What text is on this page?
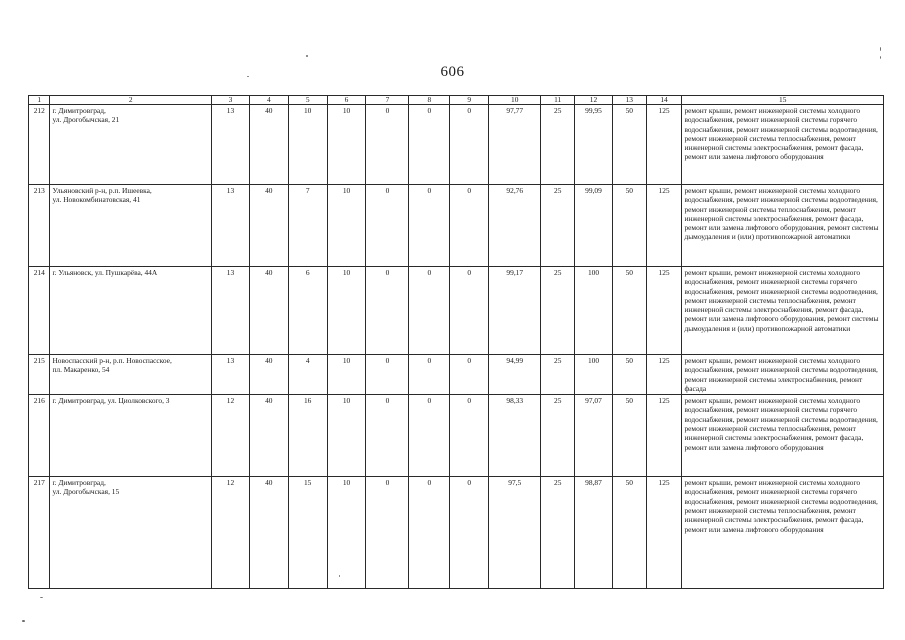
606
1	2	3	4	5	6	7	8	9	10	11	12	13	14	15
212	г. Димитровград,
ул. Дрогобычская, 21	13	40	10	10	0	0	0	97,77	25	99,95	50	125	ремонт крыши, ремонт инженерной системы холодного водоснабжения, ремонт инженерной системы горячего водоснабжения, ремонт инженерной системы водоотведения, ремонт инженерной системы теплоснабжения, ремонт инженерной системы электроснабжения, ремонт фасада, ремонт или замена лифтового оборудования
213	Ульяновский р-н, р.п. Ишеевка,
ул. Новокомбинатовская, 41	13	40	7	10	0	0	0	92,76	25	99,09	50	125	ремонт крыши, ремонт инженерной системы холодного водоснабжения, ремонт инженерной системы водоотведения, ремонт инженерной системы теплоснабжения, ремонт инженерной системы электроснабжения, ремонт фасада, ремонт или замена лифтового оборудования, ремонт системы дымоудаления и (или) противопожарной автоматики
214	г. Ульяновск, ул. Пушкарёва, 44А	13	40	6	10	0	0	0	99,17	25	100	50	125	ремонт крыши, ремонт инженерной системы холодного водоснабжения, ремонт инженерной системы горячего водоснабжения, ремонт инженерной системы водоотведения, ремонт инженерной системы теплоснабжения, ремонт инженерной системы электроснабжения, ремонт фасада, ремонт или замена лифтового оборудования, ремонт системы дымоудаления и (или) противопожарной автоматики
215	Новоспасский р-н, р.п. Новоспасское,
пл. Макаренко, 54	13	40	4	10	0	0	0	94,99	25	100	50	125	ремонт крыши, ремонт инженерной системы холодного водоснабжения, ремонт инженерной системы водоотведения, ремонт инженерной системы электроснабжения, ремонт фасада
216	г. Димитровград, ул. Циолковского, 3	12	40	16	10	0	0	0	98,33	25	97,07	50	125	ремонт крыши, ремонт инженерной системы холодного водоснабжения, ремонт инженерной системы горячего водоснабжения, ремонт инженерной системы водоотведения, ремонт инженерной системы теплоснабжения, ремонт инженерной системы электроснабжения, ремонт фасада, ремонт или замена лифтового оборудования
217	г. Димитровград,
ул. Дрогобычская, 15	12	40	15	10	0	0	0	97,5	25	98,87	50	125	ремонт крыши, ремонт инженерной системы холодного водоснабжения, ремонт инженерной системы горячего водоснабжения, ремонт инженерной системы водоотведения, ремонт инженерной системы теплоснабжения, ремонт инженерной системы электроснабжения, ремонт фасада, ремонт или замена лифтового оборудования
